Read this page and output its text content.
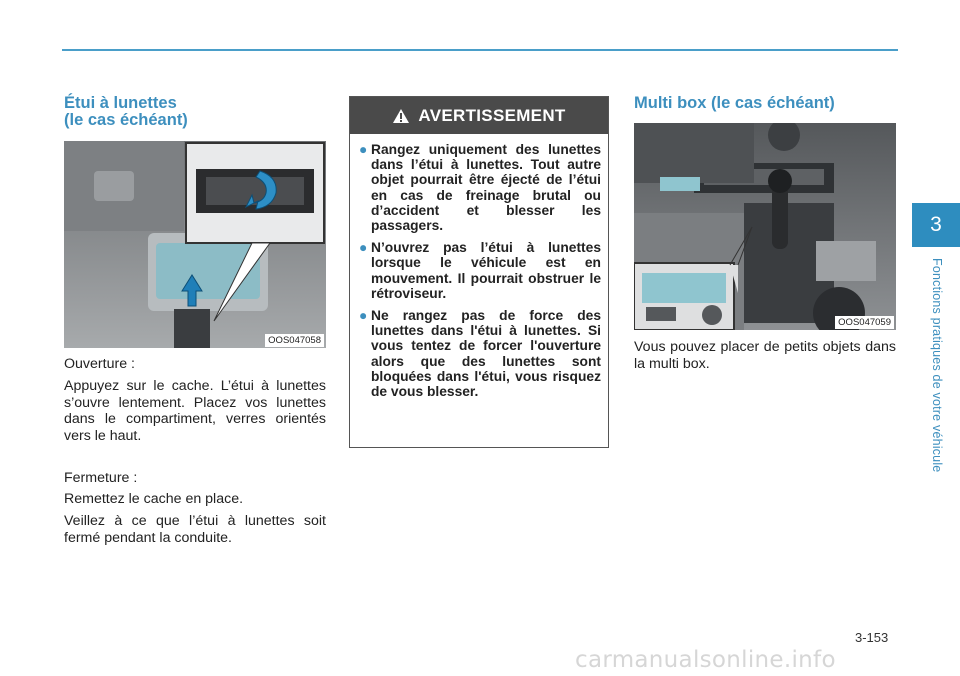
Étui à lunettes
(le cas échéant)
OOS047058

Ouverture :

Appuyez sur le cache. L’étui à lunettes s’ouvre lentement. Placez vos lunettes dans le compartiment, verres orientés vers le haut.

Fermeture :

Remettez le cache en place.

Veillez à ce que l’étui à lunettes soit fermé pendant la conduite.

AVERTISSEMENT
● Rangez uniquement des lunettes dans l’étui à lunettes. Tout autre objet pourrait être éjecté de l’étui en cas de freinage brutal ou d’accident et blesser les passagers.
● N’ouvrez pas l’étui à lunettes lorsque le véhicule est en mouvement. Il pourrait obstruer le rétroviseur.
● Ne rangez pas de force des lunettes dans l'étui à lunettes. Si vous tentez de forcer l'ouverture alors que des lunettes sont bloquées dans l'étui, vous risquez de vous blesser.
Multi box (le cas échéant)
OOS047059

Vous pouvez placer de petits objets dans la multi box.

3
Fonctions pratiques de votre véhicule
3-153
carmanualsonline.info
